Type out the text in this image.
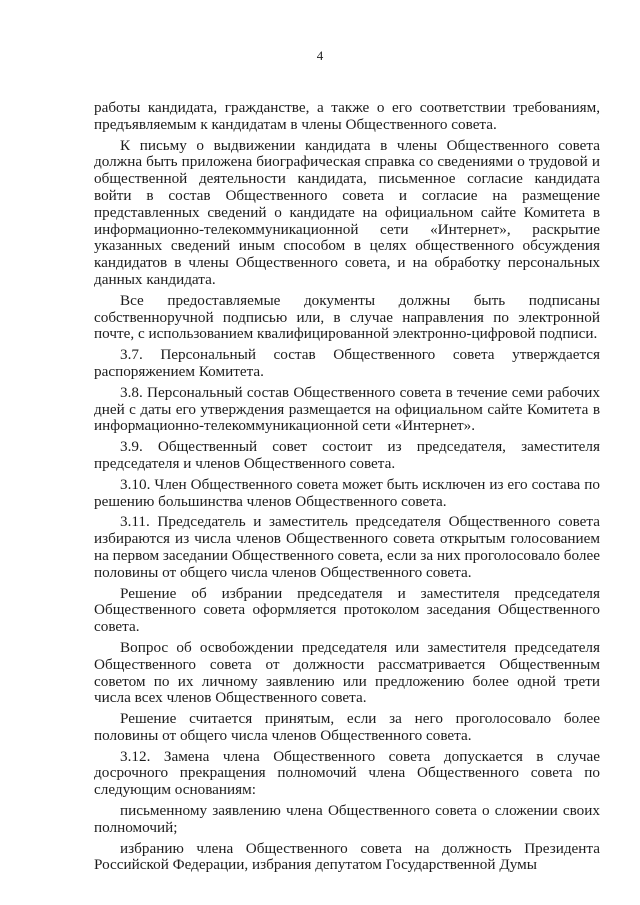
4

работы кандидата, гражданстве, а также о его соответствии требованиям, предъявляемым к кандидатам в члены Общественного совета.

К письму о выдвижении кандидата в члены Общественного совета должна быть приложена биографическая справка со сведениями о трудовой и общественной деятельности кандидата, письменное согласие кандидата войти в состав Общественного совета и согласие на размещение представленных сведений о кандидате на официальном сайте Комитета в информационно-телекоммуникационной сети «Интернет», раскрытие указанных сведений иным способом в целях общественного обсуждения кандидатов в члены Общественного совета, и на обработку персональных данных кандидата.

Все предоставляемые документы должны быть подписаны собственноручной подписью или, в случае направления по электронной почте, с использованием квалифицированной электронно-цифровой подписи.

3.7. Персональный состав Общественного совета утверждается распоряжением Комитета.

3.8. Персональный состав Общественного совета в течение семи рабочих дней с даты его утверждения размещается на официальном сайте Комитета в информационно-телекоммуникационной сети «Интернет».

3.9. Общественный совет состоит из председателя, заместителя председателя и членов Общественного совета.

3.10. Член Общественного совета может быть исключен из его состава по решению большинства членов Общественного совета.

3.11. Председатель и заместитель председателя Общественного совета избираются из числа членов Общественного совета открытым голосованием на первом заседании Общественного совета, если за них проголосовало более половины от общего числа членов Общественного совета.

Решение об избрании председателя и заместителя председателя Общественного совета оформляется протоколом заседания Общественного совета.

Вопрос об освобождении председателя или заместителя председателя Общественного совета от должности рассматривается Общественным советом по их личному заявлению или предложению более одной трети числа всех членов Общественного совета.

Решение считается принятым, если за него проголосовало более половины от общего числа членов Общественного совета.

3.12. Замена члена Общественного совета допускается в случае досрочного прекращения полномочий члена Общественного совета по следующим основаниям:

письменному заявлению члена Общественного совета о сложении своих полномочий;

избранию члена Общественного совета на должность Президента Российской Федерации, избрания депутатом Государственной Думы
